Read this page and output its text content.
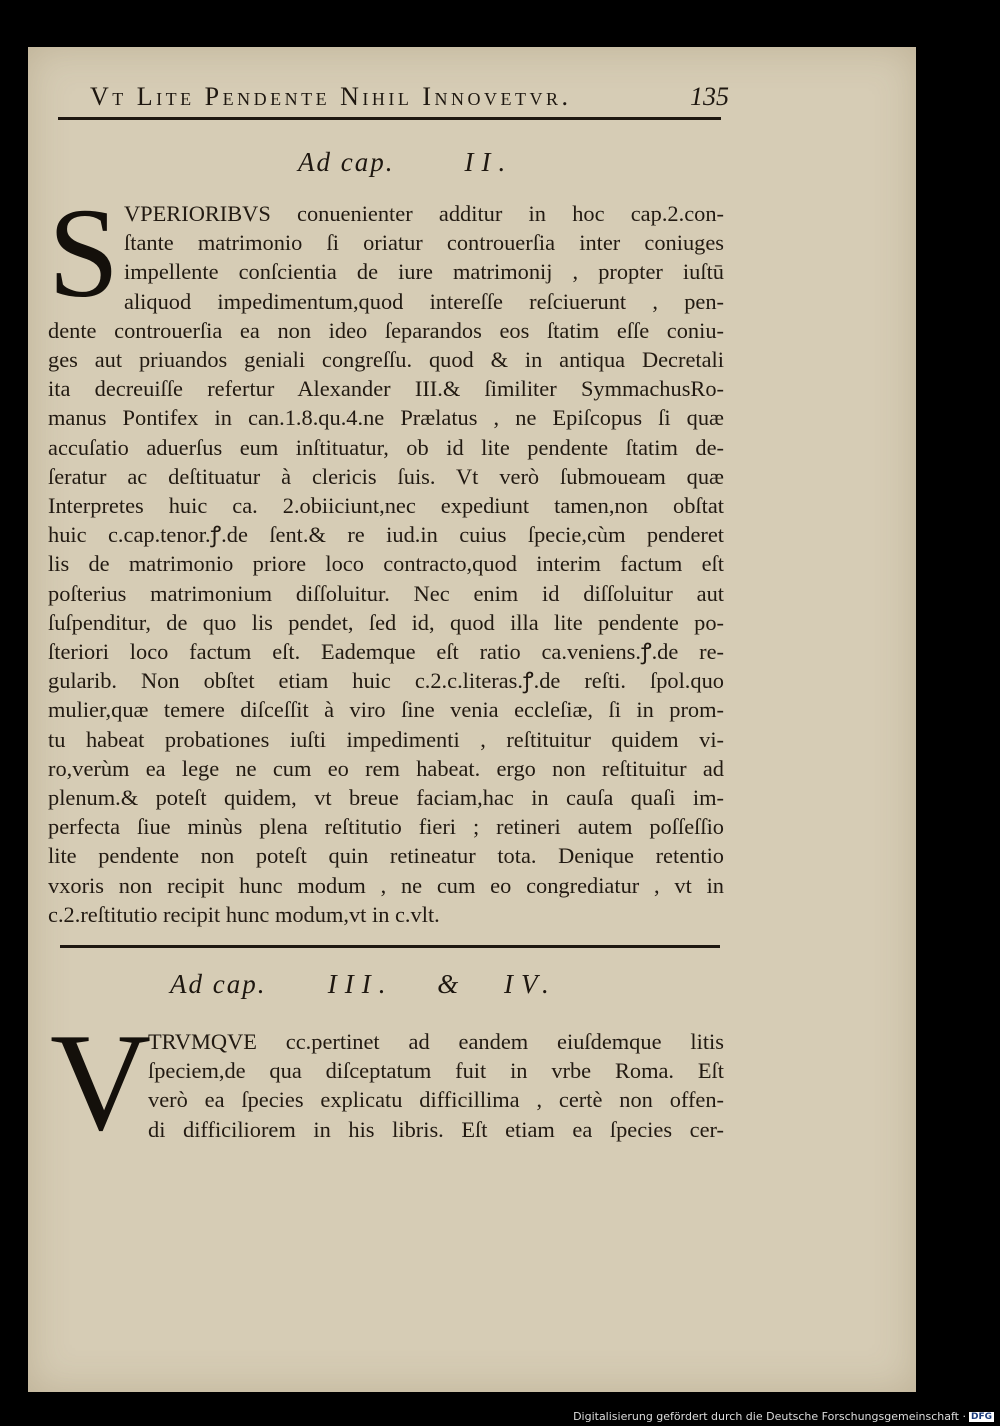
Vt Lite Pendente Nihil Innovetvr.	135
Ad cap.	II.
S VPERIORIBVS conuenienter additur in hoc cap.2.con-
ſtante matrimonio ſi oriatur controuerſia inter coniuges
impellente conſcientia de iure matrimonij , propter iuſtū
aliquod impedimentum,quod intereſſe reſciuerunt , pen-
dente controuerſia ea non ideo ſeparandos eos ſtatim eſſe coniu-
ges aut priuandos geniali congreſſu. quod & in antiqua Decretali
ita decreuiſſe refertur Alexander III.& ſimiliter SymmachusRo-
manus Pontifex in can.1.8.qu.4.ne Prælatus , ne Epiſcopus ſi quæ
accuſatio aduerſus eum inſtituatur, ob id lite pendente ſtatim de-
ſeratur ac deſtituatur à clericis ſuis. Vt verò ſubmoueam quæ
Interpretes huic ca. 2.obiiciunt,nec expediunt tamen,non obſtat
huic c.cap.tenor.ꝭ.de ſent.& re iud.in cuius ſpecie,cùm penderet
lis de matrimonio priore loco contracto,quod interim factum eſt
poſterius matrimonium diſſoluitur. Nec enim id diſſoluitur aut
ſuſpenditur, de quo lis pendet, ſed id, quod illa lite pendente po-
ſteriori loco factum eſt. Eademque eſt ratio ca.veniens.ꝭ.de re-
gularib. Non obſtet etiam huic c.2.c.literas.ꝭ.de reſti. ſpol.quo
mulier,quæ temere diſceſſit à viro ſine venia eccleſiæ, ſi in prom-
tu habeat probationes iuſti impedimenti , reſtituitur quidem vi-
ro,verùm ea lege ne cum eo rem habeat. ergo non reſtituitur ad
plenum.& poteſt quidem, vt breue faciam,hac in cauſa quaſi im-
perfecta ſiue minùs plena reſtitutio fieri ; retineri autem poſſeſſio
lite pendente non poteſt quin retineatur tota. Denique retentio
vxoris non recipit hunc modum , ne cum eo congrediatur , vt in
c.2.reſtitutio recipit hunc modum,vt in c.vlt.
Ad cap. III. & IV.
V
TRVMQVE cc.pertinet ad eandem eiuſdemque litis
ſpeciem,de qua diſceptatum fuit in vrbe Roma. Eſt
verò ea ſpecies explicatu difficillima , certè non offen-
di difficiliorem in his libris. Eſt etiam ea ſpecies cer-
Digitalisierung gefördert durch die Deutsche Forschungsgemeinschaft · DFG
